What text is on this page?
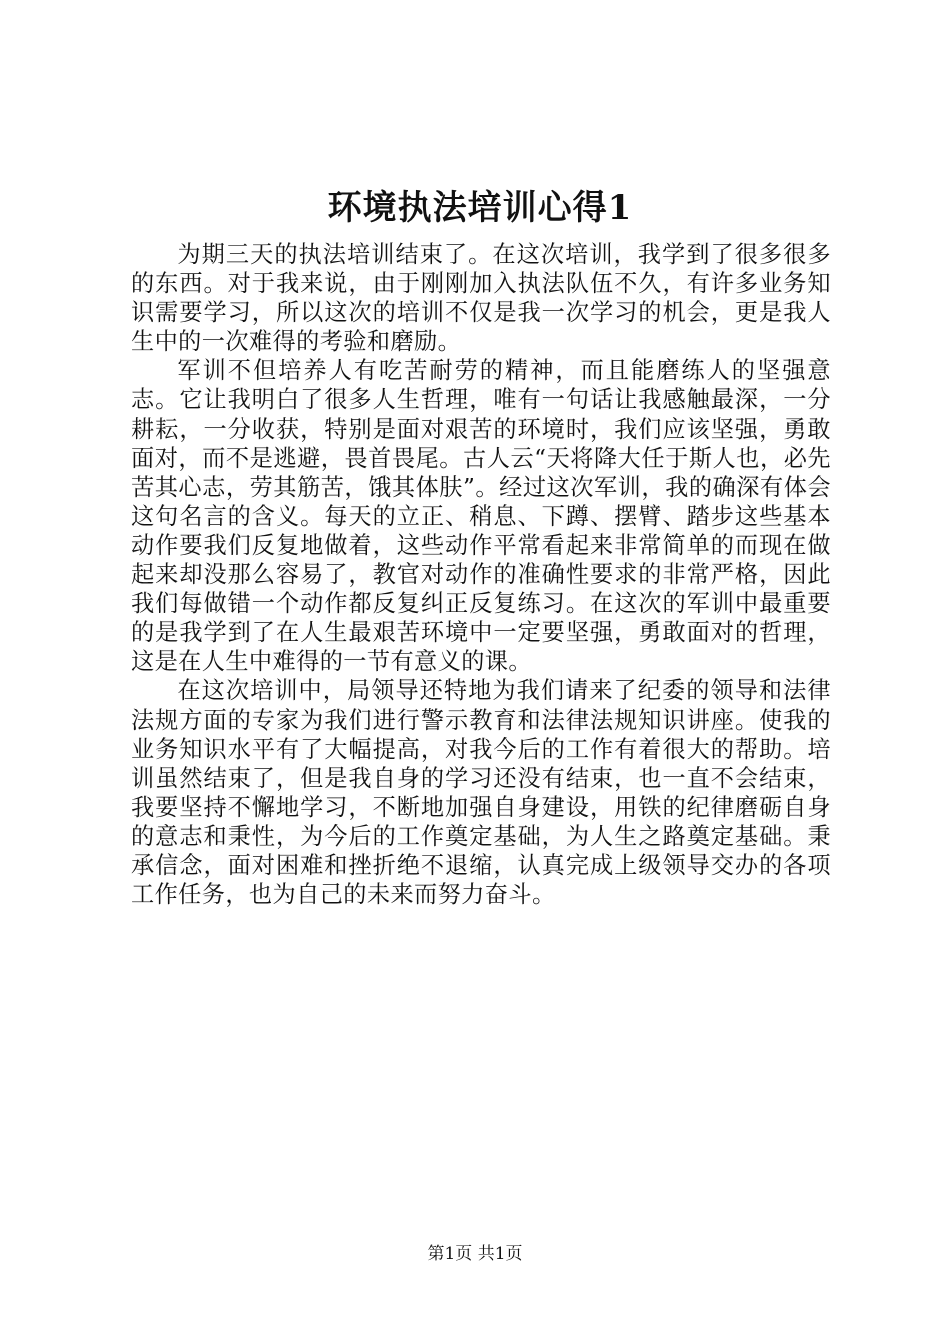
环境执法培训心得1

为期三天的执法培训结束了。在这次培训，我学到了很多很多的东西。对于我来说，由于刚刚加入执法队伍不久，有许多业务知识需要学习，所以这次的培训不仅是我一次学习的机会，更是我人生中的一次难得的考验和磨励。

军训不但培养人有吃苦耐劳的精神，而且能磨练人的坚强意志。它让我明白了很多人生哲理，唯有一句话让我感触最深，一分耕耘，一分收获，特别是面对艰苦的环境时，我们应该坚强，勇敢面对，而不是逃避，畏首畏尾。古人云“天将降大任于斯人也，必先苦其心志，劳其筋苦，饿其体肤”。经过这次军训，我的确深有体会这句名言的含义。每天的立正、稍息、下蹲、摆臂、踏步这些基本动作要我们反复地做着，这些动作平常看起来非常简单的而现在做起来却没那么容易了，教官对动作的准确性要求的非常严格，因此我们每做错一个动作都反复纠正反复练习。在这次的军训中最重要的是我学到了在人生最艰苦环境中一定要坚强，勇敢面对的哲理，这是在人生中难得的一节有意义的课。

在这次培训中，局领导还特地为我们请来了纪委的领导和法律法规方面的专家为我们进行警示教育和法律法规知识讲座。使我的业务知识水平有了大幅提高，对我今后的工作有着很大的帮助。培训虽然结束了，但是我自身的学习还没有结束，也一直不会结束，我要坚持不懈地学习，不断地加强自身建设，用铁的纪律磨砺自身的意志和秉性，为今后的工作奠定基础，为人生之路奠定基础。秉承信念，面对困难和挫折绝不退缩，认真完成上级领导交办的各项工作任务，也为自己的未来而努力奋斗。

第1页 共1页
